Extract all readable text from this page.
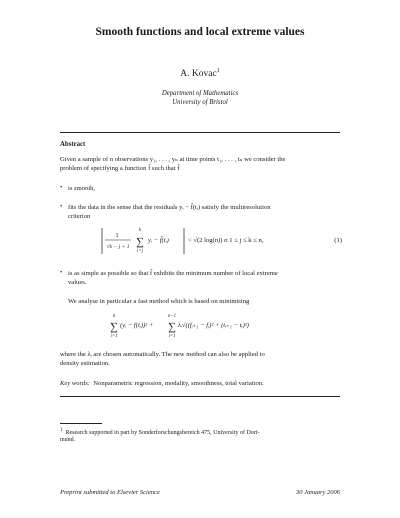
Smooth functions and local extreme values
A. Kovac$^1$
Department of Mathematics
University of Bristol
Abstract
Given a sample of n observations y₁, . . . , yₙ at time points t₁, . . . , tₙ we consider the
problem of specifying a function f̃ such that f̃
• is smooth,
• fits the data in the sense that the residuals yᵢ − f̃(tᵢ) satisfy the multiresolution
criterion
1
√k − j + 1
k
∑
i=j
yᵢ − f̃(tᵢ)	< √(2 log(n)) σ 1 ≤ j ≤ k ≤ n,	(1)
• is as simple as possible so that f̃ exhibits the minimum number of local extreme
values.
We analyse in particular a fast method which is based on minimising
n
∑
i=1
(yᵢ − f(tᵢ))² +
n−1
∑
i=1
λᵢ√((fᵢ₊₁ − fᵢ)² + (tᵢ₊₁ − tᵢ)²)
where the λᵢ are chosen automatically. The new method can also be applied to
density estimation.
Key words: Nonparametric regression, modality, smoothness, total variation.
$^1$ Research supported in part by Sonderforschungsbereich 475, University of Dort-
mund.
Preprint submitted to Elsevier Science	30 January 2006
